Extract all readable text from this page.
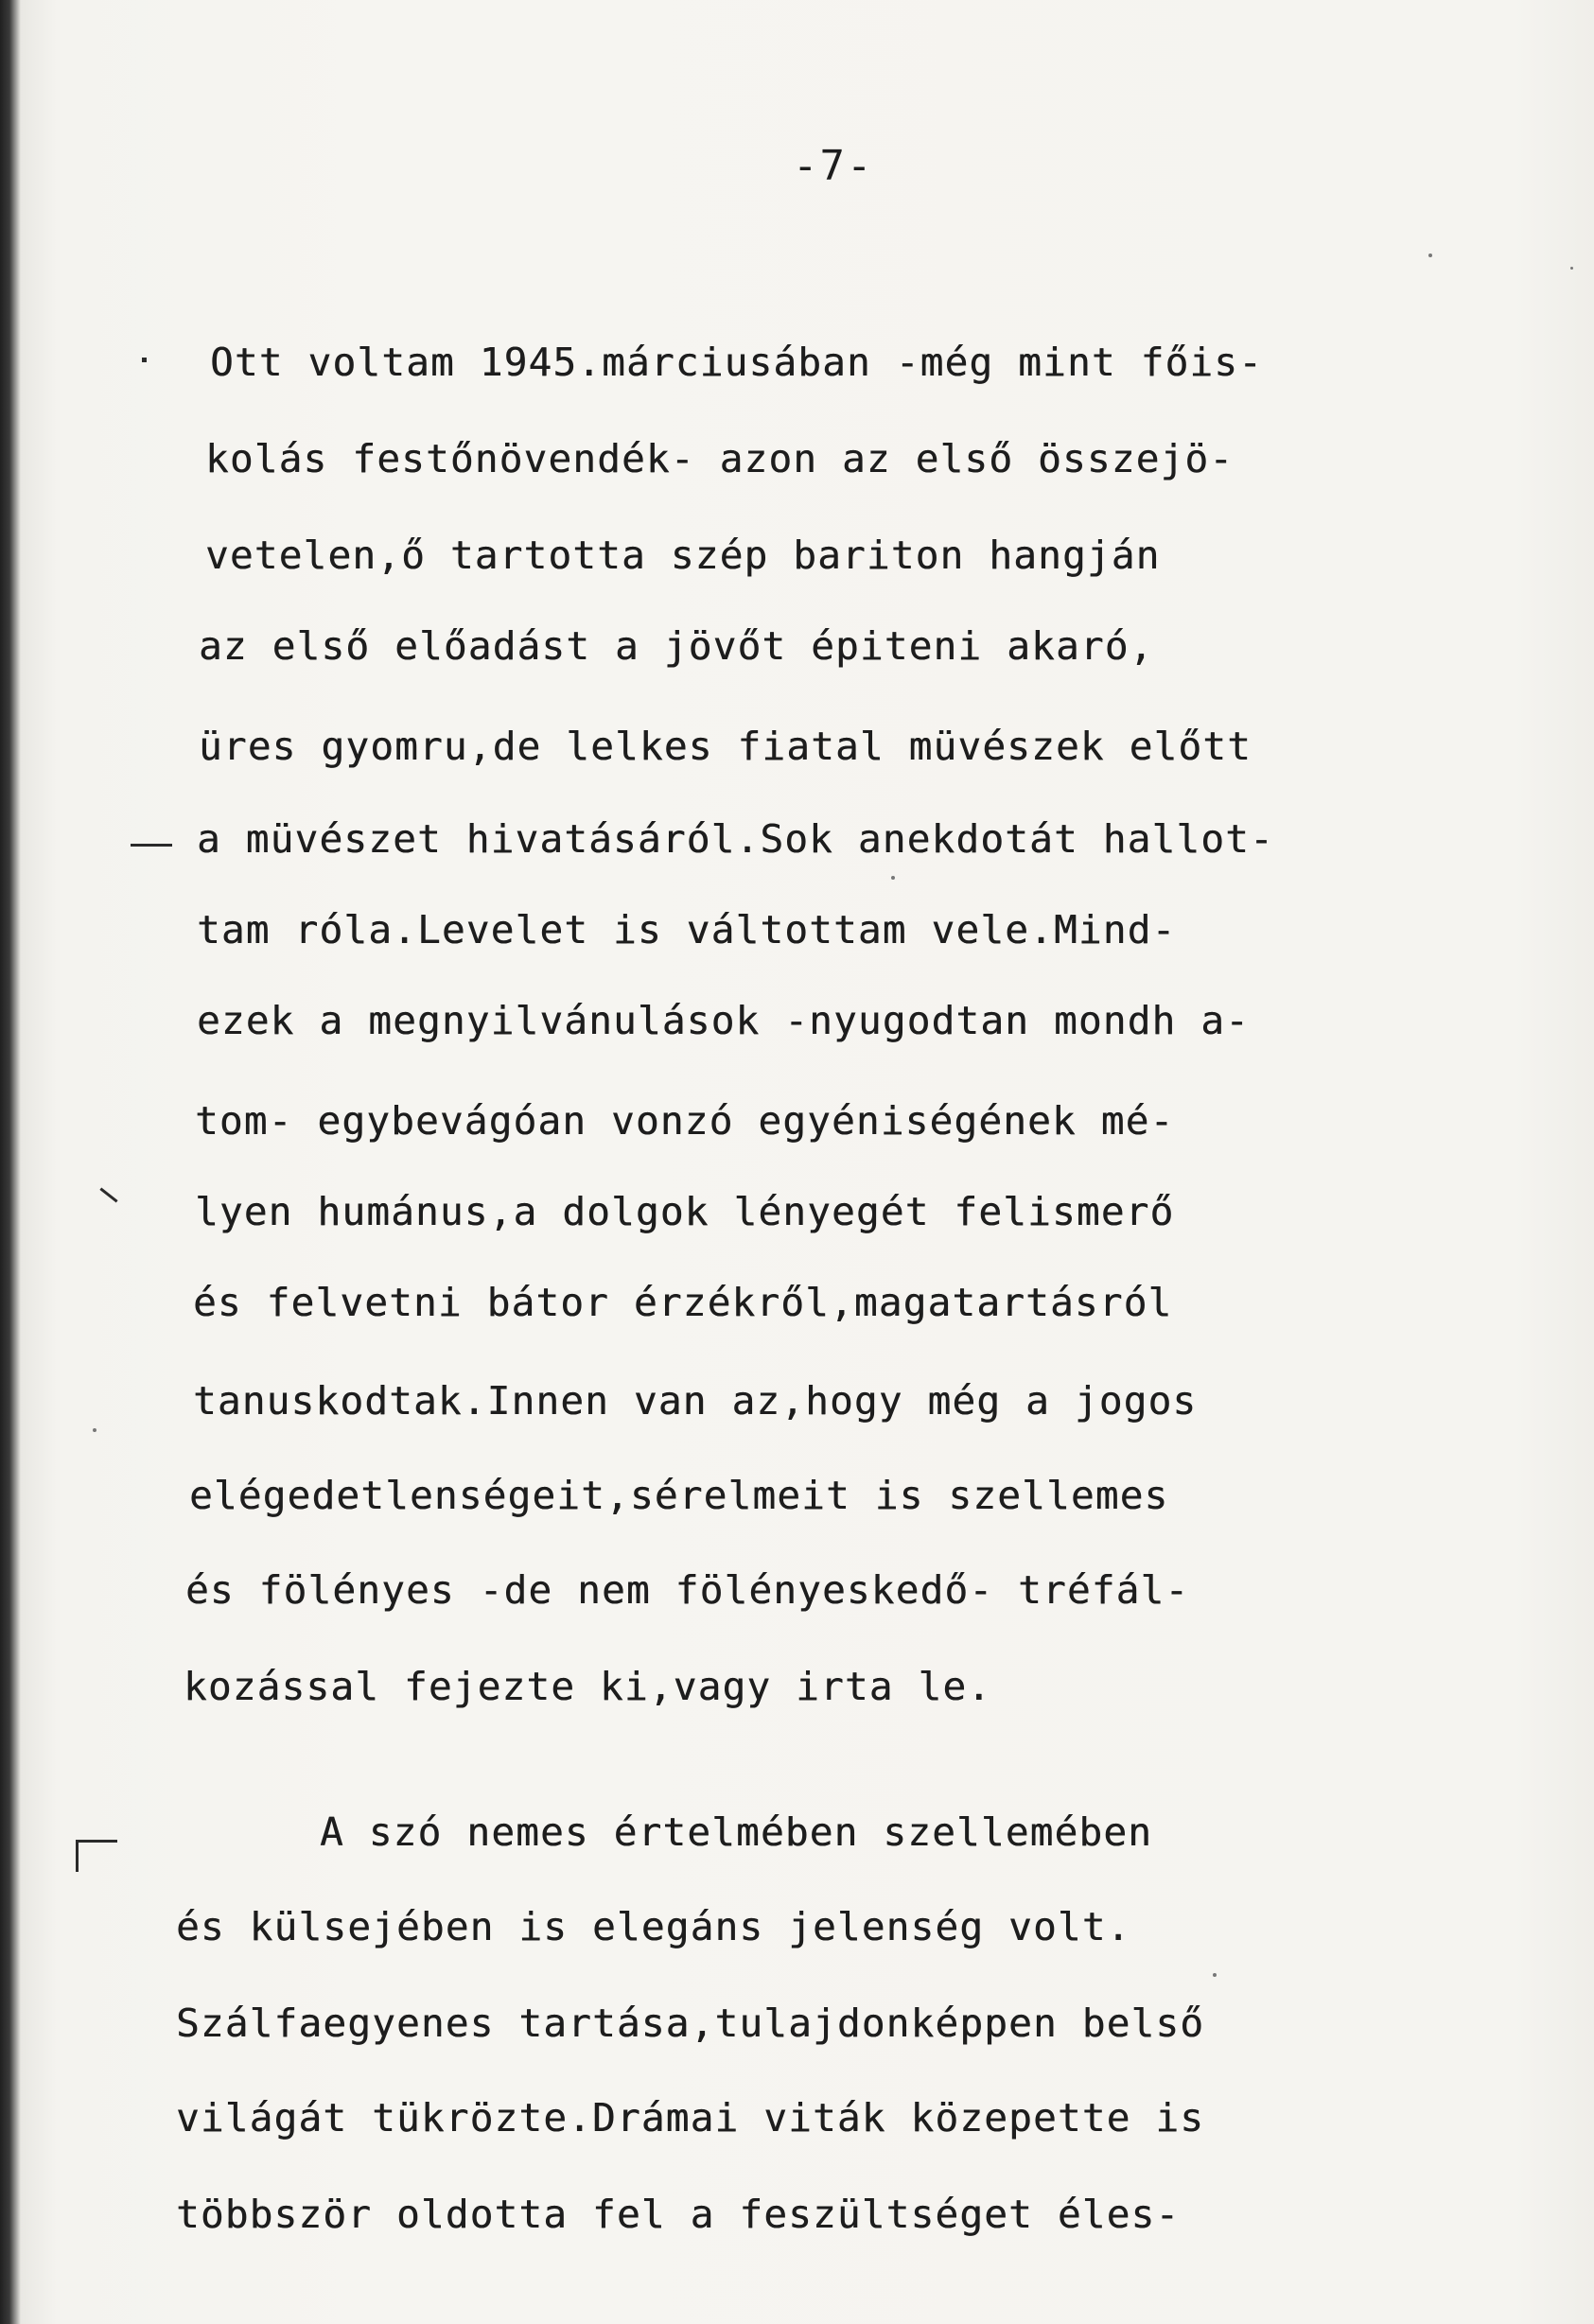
-7-
Ott voltam 1945.márciusában -még mint főis-
kolás festőnövendék- azon az első összejö-
vetelen,ő tartotta szép bariton hangján
az első előadást a jövőt épiteni akaró,
üres gyomru,de lelkes fiatal müvészek előtt
a müvészet hivatásáról.Sok anekdotát hallot-
tam róla.Levelet is váltottam vele.Mind-
ezek a megnyilvánulások -nyugodtan mondh a-
tom- egybevágóan vonzó egyéniségének mé-
lyen humánus,a dolgok lényegét felismerő
és felvetni bátor érzékről,magatartásról
tanuskodtak.Innen van az,hogy még a jogos
elégedetlenségeit,sérelmeit is szellemes
és fölényes -de nem fölényeskedő- tréfál-
kozással fejezte ki,vagy irta le.
A szó nemes értelmében szellemében
és külsejében is elegáns jelenség volt.
Szálfaegyenes tartása,tulajdonképpen belső
világát tükrözte.Drámai viták közepette is
többször oldotta fel a feszültséget éles-
